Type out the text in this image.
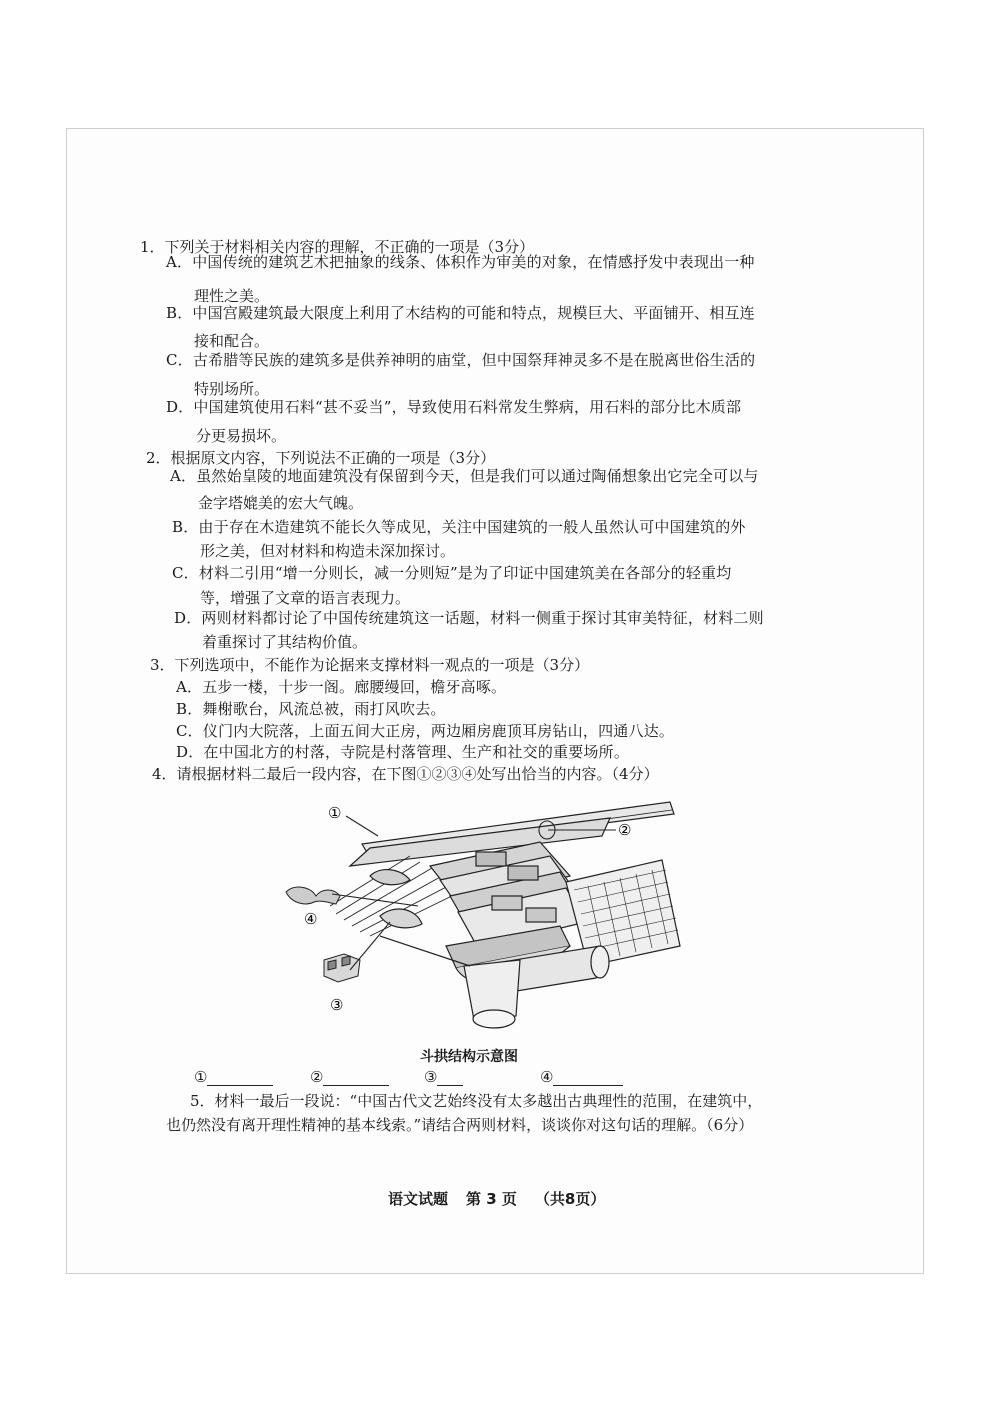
1．下列关于材料相关内容的理解，不正确的一项是（3分）
A．中国传统的建筑艺术把抽象的线条、体积作为审美的对象，在情感抒发中表现出一种
理性之美。
B．中国宫殿建筑最大限度上利用了木结构的可能和特点，规模巨大、平面铺开、相互连
接和配合。
C．古希腊等民族的建筑多是供养神明的庙堂，但中国祭拜神灵多不是在脱离世俗生活的
特别场所。
D．中国建筑使用石料“甚不妥当”，导致使用石料常发生弊病，用石料的部分比木质部
分更易损坏。
2．根据原文内容，下列说法不正确的一项是（3分）
A．虽然始皇陵的地面建筑没有保留到今天，但是我们可以通过陶俑想象出它完全可以与
金字塔媲美的宏大气魄。
B．由于存在木造建筑不能长久等成见，关注中国建筑的一般人虽然认可中国建筑的外
形之美，但对材料和构造未深加探讨。
C．材料二引用“增一分则长，减一分则短”是为了印证中国建筑美在各部分的轻重均
等，增强了文章的语言表现力。
D．两则材料都讨论了中国传统建筑这一话题，材料一侧重于探讨其审美特征，材料二则
着重探讨了其结构价值。
3．下列选项中，不能作为论据来支撑材料一观点的一项是（3分）
A．五步一楼，十步一阁。廊腰缦回，檐牙高啄。
B．舞榭歌台，风流总被，雨打风吹去。
C．仪门内大院落，上面五间大正房，两边厢房鹿顶耳房钻山，四通八达。
D．在中国北方的村落，寺院是村落管理、生产和社交的重要场所。
4．请根据材料二最后一段内容，在下图①②③④处写出恰当的内容。（4分）
①
②
③
④
斗拱结构示意图
①	②	③	④
5．材料一最后一段说：“中国古代文艺始终没有太多越出古典理性的范围，在建筑中，
也仍然没有离开理性精神的基本线索。”请结合两则材料，谈谈你对这句话的理解。（6分）
语文试题 第 3 页 （共8页）
